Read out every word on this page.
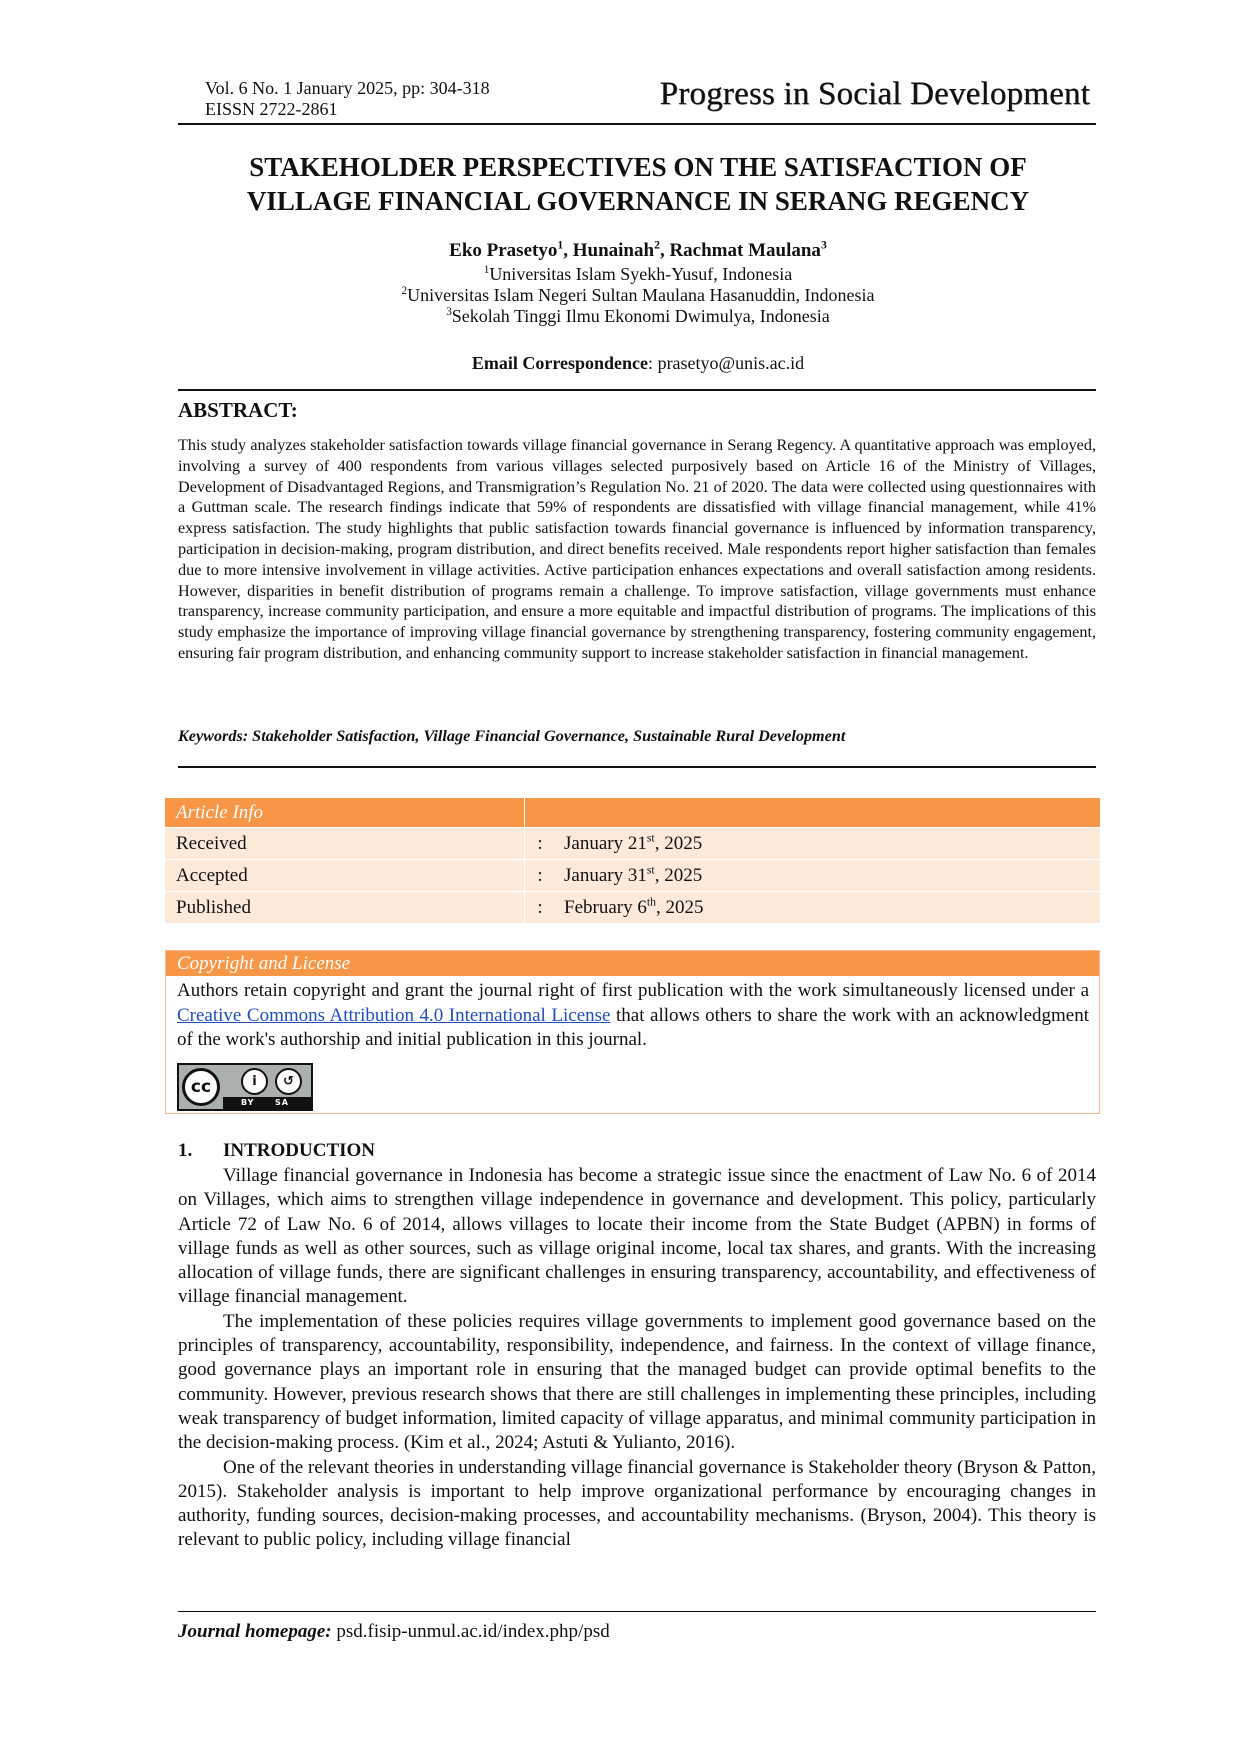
Vol. 6 No. 1 January 2025, pp: 304-318
EISSN 2722-2861	Progress in Social Development
STAKEHOLDER PERSPECTIVES ON THE SATISFACTION OF
VILLAGE FINANCIAL GOVERNANCE IN SERANG REGENCY
Eko Prasetyo$^1$, Hunainah$^2$, Rachmat Maulana$^3$
$^1$Universitas Islam Syekh-Yusuf, Indonesia
$^2$Universitas Islam Negeri Sultan Maulana Hasanuddin, Indonesia
$^3$Sekolah Tinggi Ilmu Ekonomi Dwimulya, Indonesia
Email Correspondence: prasetyo@unis.ac.id
ABSTRACT:
This study analyzes stakeholder satisfaction towards village financial governance in Serang Regency. A quantitative approach was employed, involving a survey of 400 respondents from various villages selected purposively based on Article 16 of the Ministry of Villages, Development of Disadvantaged Regions, and Transmigration’s Regulation No. 21 of 2020. The data were collected using questionnaires with a Guttman scale. The research findings indicate that 59% of respondents are dissatisfied with village financial management, while 41% express satisfaction. The study highlights that public satisfaction towards financial governance is influenced by information transparency, participation in decision-making, program distribution, and direct benefits received. Male respondents report higher satisfaction than females due to more intensive involvement in village activities. Active participation enhances expectations and overall satisfaction among residents. However, disparities in benefit distribution of programs remain a challenge. To improve satisfaction, village governments must enhance transparency, increase community participation, and ensure a more equitable and impactful distribution of programs. The implications of this study emphasize the importance of improving village financial governance by strengthening transparency, fostering community engagement, ensuring fair program distribution, and enhancing community support to increase stakeholder satisfaction in financial management.
Keywords: Stakeholder Satisfaction, Village Financial Governance, Sustainable Rural Development
Article Info
Received	:	January 21st, 2025
Accepted	:	January 31st, 2025
Published	:	February 6th, 2025
Copyright and License
Authors retain copyright and grant the journal right of first publication with the work simultaneously licensed under a Creative Commons Attribution 4.0 International License that allows others to share the work with an acknowledgment of the work's authorship and initial publication in this journal.
cc	i	↺
BY	SA
1. INTRODUCTION

Village financial governance in Indonesia has become a strategic issue since the enactment of Law No. 6 of 2014 on Villages, which aims to strengthen village independence in governance and development. This policy, particularly Article 72 of Law No. 6 of 2014, allows villages to locate their income from the State Budget (APBN) in forms of village funds as well as other sources, such as village original income, local tax shares, and grants. With the increasing allocation of village funds, there are significant challenges in ensuring transparency, accountability, and effectiveness of village financial management.

The implementation of these policies requires village governments to implement good governance based on the principles of transparency, accountability, responsibility, independence, and fairness. In the context of village finance, good governance plays an important role in ensuring that the managed budget can provide optimal benefits to the community. However, previous research shows that there are still challenges in implementing these principles, including weak transparency of budget information, limited capacity of village apparatus, and minimal community participation in the decision-making process. (Kim et al., 2024; Astuti & Yulianto, 2016).

One of the relevant theories in understanding village financial governance is Stakeholder theory (Bryson & Patton, 2015). Stakeholder analysis is important to help improve organizational performance by encouraging changes in authority, funding sources, decision-making processes, and accountability mechanisms. (Bryson, 2004). This theory is relevant to public policy, including village financial

Journal homepage: psd.fisip-unmul.ac.id/index.php/psd
